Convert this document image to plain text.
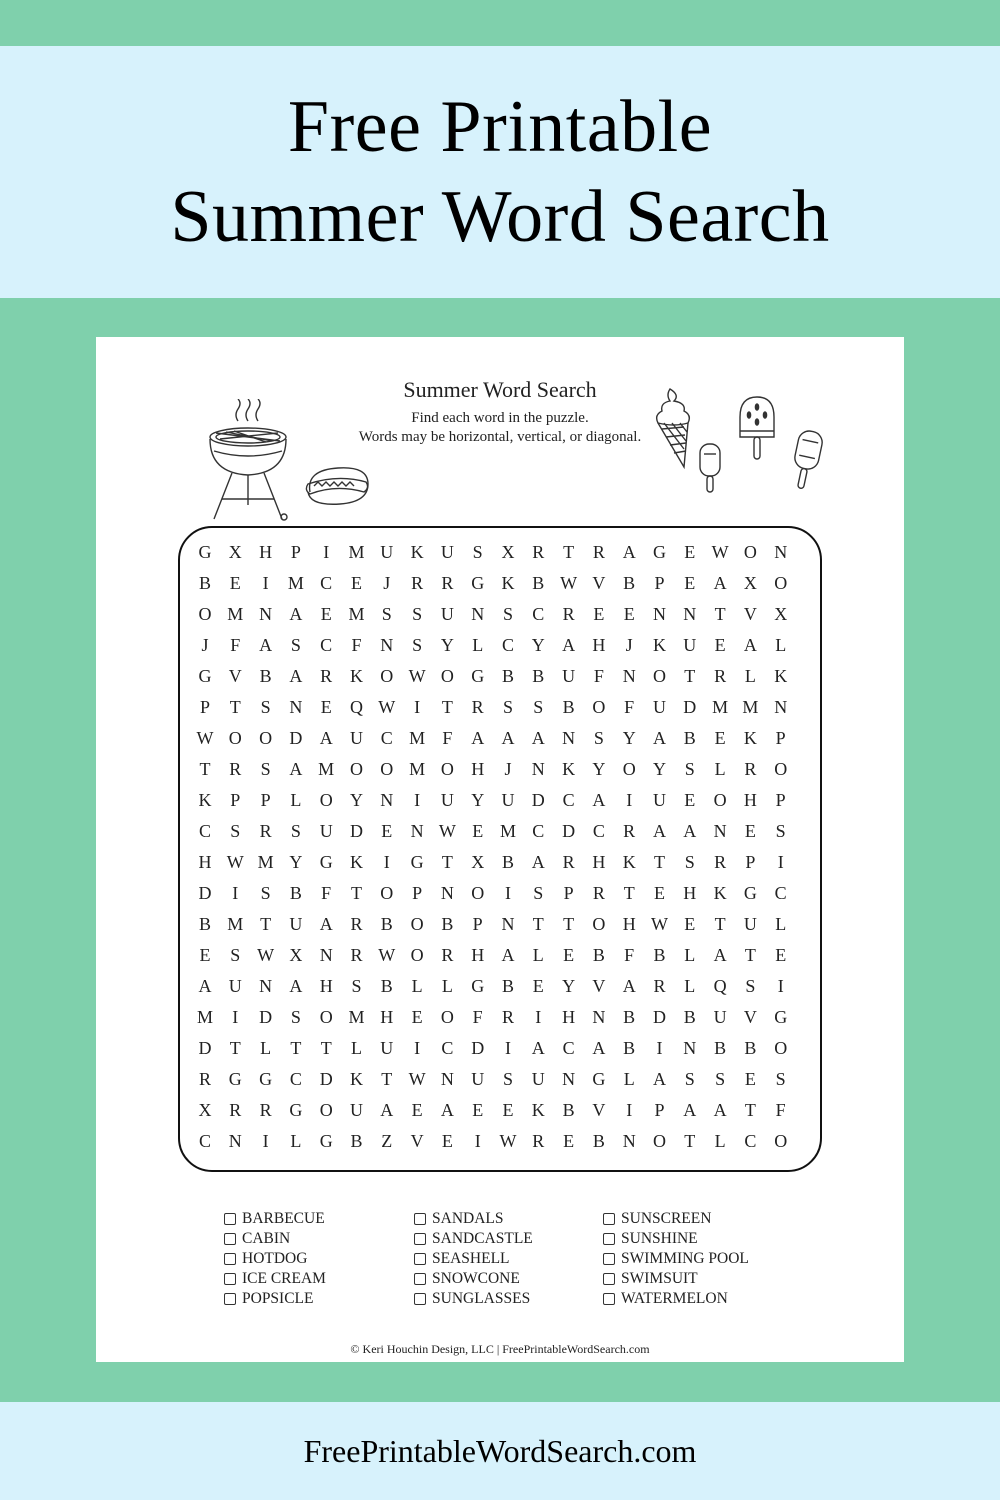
Free Printable
Summer Word Search
Summer Word Search
Find each word in the puzzle.
Words may be horizontal, vertical, or diagonal.
G X H	P	I	M U K U	S	X R	T	R A G	E W O N
B	E	I	M C	E	J	R	R G K B W V B	P	E	A X O
O M N A	E M S	S	U N	S	C	R	E	E	N N	T	V X
J	F	A	S	C	F	N	S	Y	L	C Y A H	J	K U	E	A	L
G V B A R K O W O G B	B U	F	N O	T	R	L	K
P	T	S	N	E	Q W	I	T	R	S	S	B O	F	U D M M N
W O O D A U C M F	A A A N	S	Y A B	E	K	P
T	R	S	A M O O M O H	J	N K Y O Y	S	L	R O
K	P	P	L	O Y N	I	U Y U D C A	I	U	E	O H	P
C	S	R	S	U D	E	N W E M C D C	R A A N	E	S
H W M Y G K	I	G	T	X B A R H K	T	S	R	P	I
D	I	S	B	F	T	O	P	N O	I	S	P	R	T	E	H K G C
B M T	U A R	B O B	P	N	T	T	O H W E	T	U	L
E	S W X N R W O R H A	L	E	B	F	B	L	A	T	E
A U N A H	S	B	L	L	G B	E	Y V A R	L	Q	S	I
M	I	D	S	O M H	E	O	F	R	I	H N B D B U V G
D	T	L	T	T	L	U	I	C D	I	A C A B	I	N B	B O
R G G C D K	T W N U	S	U N G	L	A	S	S	E	S
X R	R G O U A	E	A	E	E	K B V	I	P	A A	T	F
C N	I	L	G B	Z	V	E	I	W R	E	B N O	T	L	C O
BARBECUE
CABIN
HOTDOG
ICE CREAM
POPSICLE
SANDALS
SANDCASTLE
SEASHELL
SNOWCONE
SUNGLASSES
SUNSCREEN
SUNSHINE
SWIMMING POOL
SWIMSUIT
WATERMELON
© Keri Houchin Design, LLC | FreePrintableWordSearch.com
FreePrintableWordSearch.com
